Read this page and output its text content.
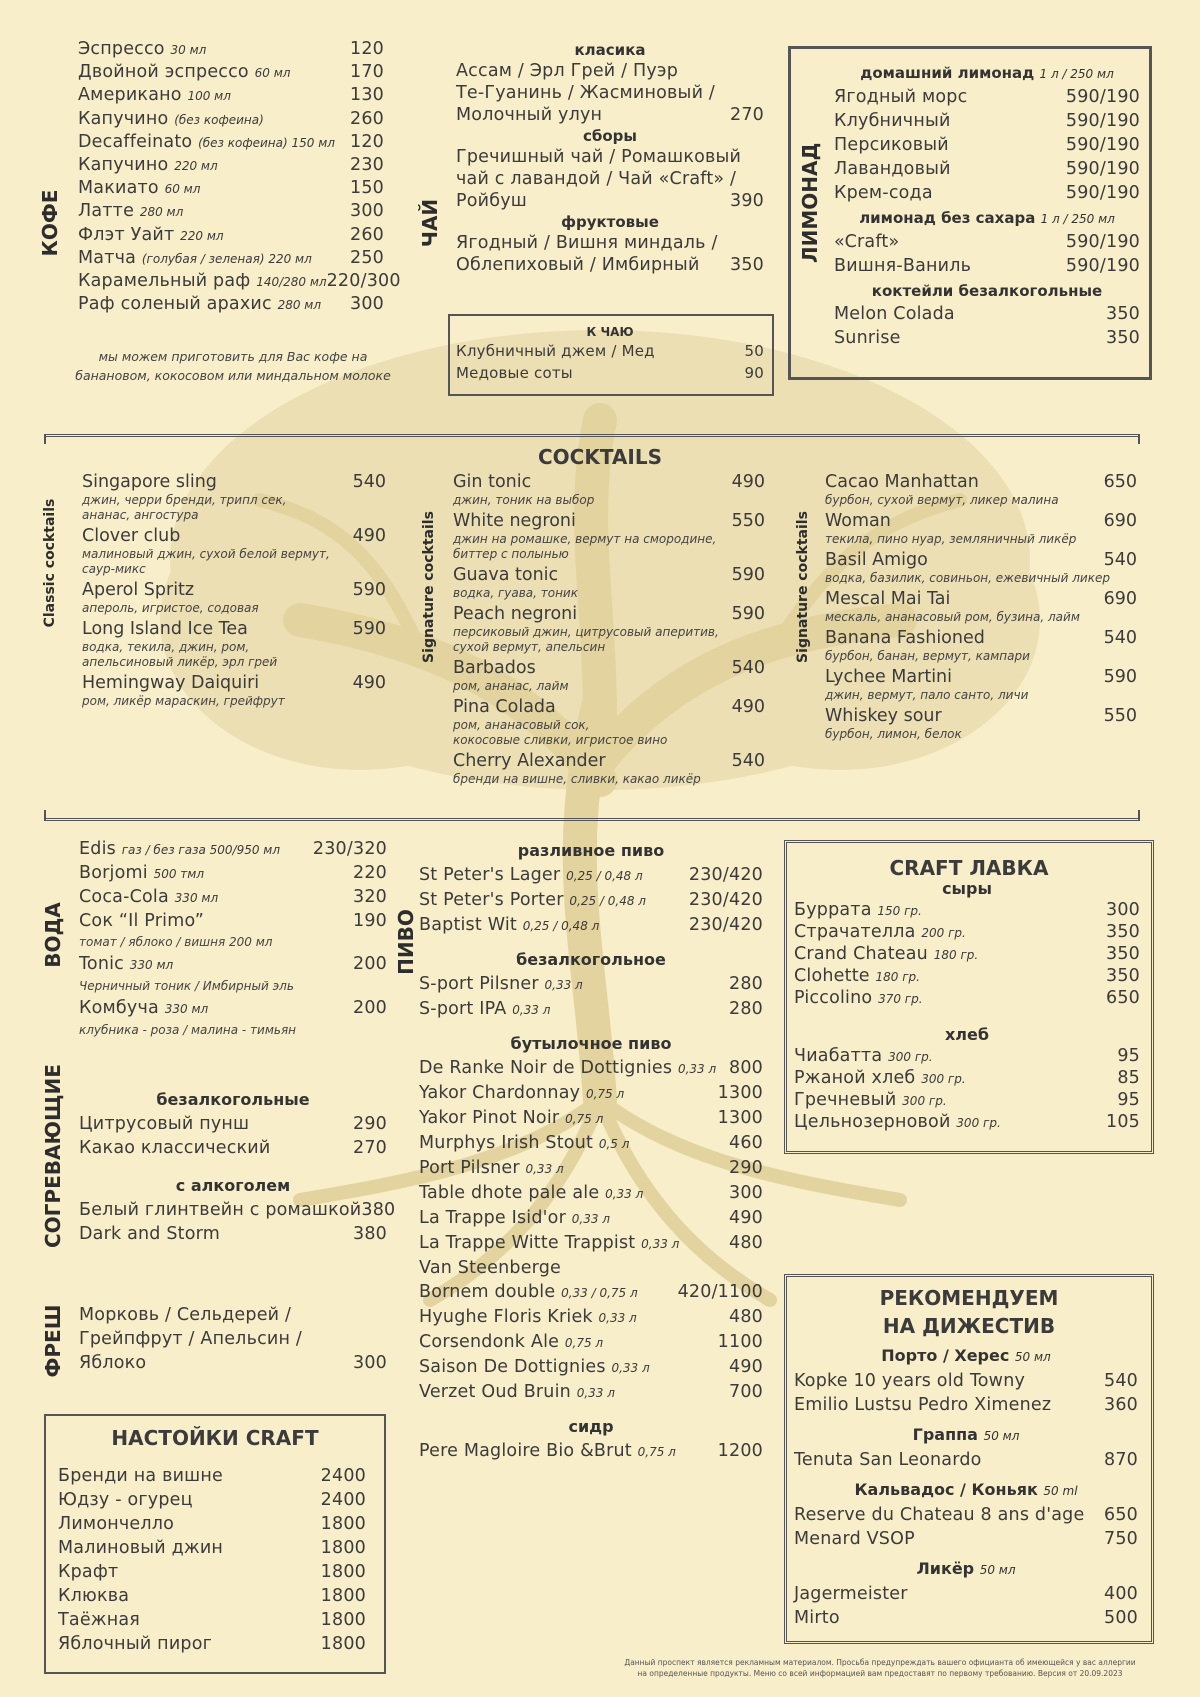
КОФЕ
Эспрессо 30 мл	120
Двойной эспрессо 60 мл	170
Американо 100 мл	130
Капучино (без кофеина)	260
Decaffeinato (без кофеина) 150 мл 120
Капучино 220 мл	230
Макиато 60 мл	150
Латте 280 мл	300
Флэт Уайт 220 мл	260
Матча (голубая / зеленая) 220 мл 250
Карамельный раф 140/280 мл 220/300
Раф соленый арахис 280 мл 300
мы можем приготовить для Вас кофе на
банановом, кокосовом или миндальном молоке
ЧАЙ
класика
Ассам / Эрл Грей / Пуэр
Те-Гуанинь / Жасминовый /
Молочный улун	270
сборы
Гречишный чай / Ромашковый
чай с лавандой / Чай «Craft» /
Ройбуш	390
фруктовые
Ягодный / Вишня миндаль /
Облепиховый / Имбирный 350
К ЧАЮ
Клубничный джем / Мед	50
Медовые соты	90
ЛИМОНАД
домашний лимонад 1 л / 250 мл
Ягодный морс	590/190
Клубничный	590/190
Персиковый	590/190
Лавандовый	590/190
Крем-сода	590/190
лимонад без сахара 1 л / 250 мл
«Craft»	590/190
Вишня-Ваниль	590/190
коктейли безалкогольные
Melon Colada	350
Sunrise	350
COCKTAILS
Classic cocktails
Singapore sling	540
джин, черри бренди, трипл сек,
ананас, ангостура
Clover club	490
малиновый джин, сухой белой вермут,
саур-микс
Aperol Spritz	590
апероль, игристое, содовая
Long Island Ice Tea	590
водка, текила, джин, ром,
апельсиновый ликёр, эрл грей
Hemingway Daiquiri	490
ром, ликёр мараскин, грейфрут
Signature cocktails
Gin tonic	490
джин, тоник на выбор
White negroni	550
джин на ромашке, вермут на смородине,
биттер с полынью
Guava tonic	590
водка, гуава, тоник
Peach negroni	590
персиковый джин, цитрусовый аперитив,
сухой вермут, апельсин
Barbados	540
ром, ананас, лайм
Pina Colada	490
ром, ананасовый сок,
кокосовые сливки, игристое вино
Cherry Alexander	540
бренди на вишне, сливки, какао ликёр
Signature cocktails
Cacao Manhattan	650
бурбон, сухой вермут, ликер малина
Woman	690
текила, пино нуар, земляничный ликёр
Basil Amigo	540
водка, базилик, совиньон, ежевичный ликер
Mescal Mai Tai	690
мескаль, ананасовый ром, бузина, лайм
Banana Fashioned	540
бурбон, банан, вермут, кампари
Lychee Martini	590
джин, вермут, пало санто, личи
Whiskey sour	550
бурбон, лимон, белок
ВОДА
Edis газ / без газа 500/950 мл 230/320
Borjomi 500 тмл	220
Coca-Cola 330 мл	320
Сок “Il Primo”	190
томат / яблоко / вишня 200 мл
Tonic 330 мл	200
Черничный тоник / Имбирный эль
Комбуча 330 мл	200
клубника - роза / малина - тимьян
СОГРЕВАЮЩИЕ	безалкогольные
Цитрусовый пунш	290
Какао классический	270
с алкоголем
Белый глинтвейн с ромашкой 380
Dark and Storm	380
ФРЕШ Морковь / Сельдерей /
Грейпфрут / Апельсин /
Яблоко	300
НАСТОЙКИ CRAFT
Бренди на вишне	2400
Юдзу - огурец	2400
Лимончелло	1800
Малиновый джин	1800
Крафт	1800
Клюква	1800
Таёжная	1800
Яблочный пирог	1800
ПИВО
разливное пиво
St Peter's Lager 0,25 / 0,48 л	230/420
St Peter's Porter 0,25 / 0,48 л 230/420
Baptist Wit 0,25 / 0,48 л	230/420
безалкогольное
S-port Pilsner 0,33 л	280
S-port IPA 0,33 л	280
бутылочное пиво
De Ranke Noir de Dottignies 0,33 л 800
Yakor Chardonnay 0,75 л	1300
Yakor Pinot Noir 0,75 л	1300
Murphys Irish Stout 0,5 л	460
Port Pilsner 0,33 л	290
Table dhote pale ale 0,33 л	300
La Trappe Isid'or 0,33 л	490
La Trappe Witte Trappist 0,33 л	480
Van Steenberge
Bornem double 0,33 / 0,75 л 420/1100
Hyughe Floris Kriek 0,33 л	480
Corsendonk Ale 0,75 л	1100
Saison De Dottignies 0,33 л	490
Verzet Oud Bruin 0,33 л	700
сидр
Pere Magloire Bio &Brut 0,75 л 1200
CRAFT ЛАВКА
сыры
Буррата 150 гр.	300
Страчателла 200 гр.	350
Crand Chateau 180 гр.	350
Clohette 180 гр.	350
Piccolino 370 гр.	650
хлеб
Чиабатта 300 гр.	95
Ржаной хлеб 300 гр.	85
Гречневый 300 гр.	95
Цельнозерновой 300 гр.	105
РЕКОМЕНДУЕМ
НА ДИЖЕСТИВ
Порто / Херес 50 мл
Kopke 10 years old Towny	540
Emilio Lustsu Pedro Ximenez	360
Граппа 50 мл
Tenuta San Leonardo	870
Кальвадос / Коньяк 50 ml
Reserve du Chateau 8 ans d'age 650
Menard VSOP	750
Ликёр 50 мл
Jagermeister	400
Mirto	500
Данный проспект является рекламным материалом. Просьба предупреждать вашего официанта об имеющейся у вас аллергии
на определенные продукты. Меню со всей информацией вам предоставят по первому требованию. Версия от 20.09.2023
